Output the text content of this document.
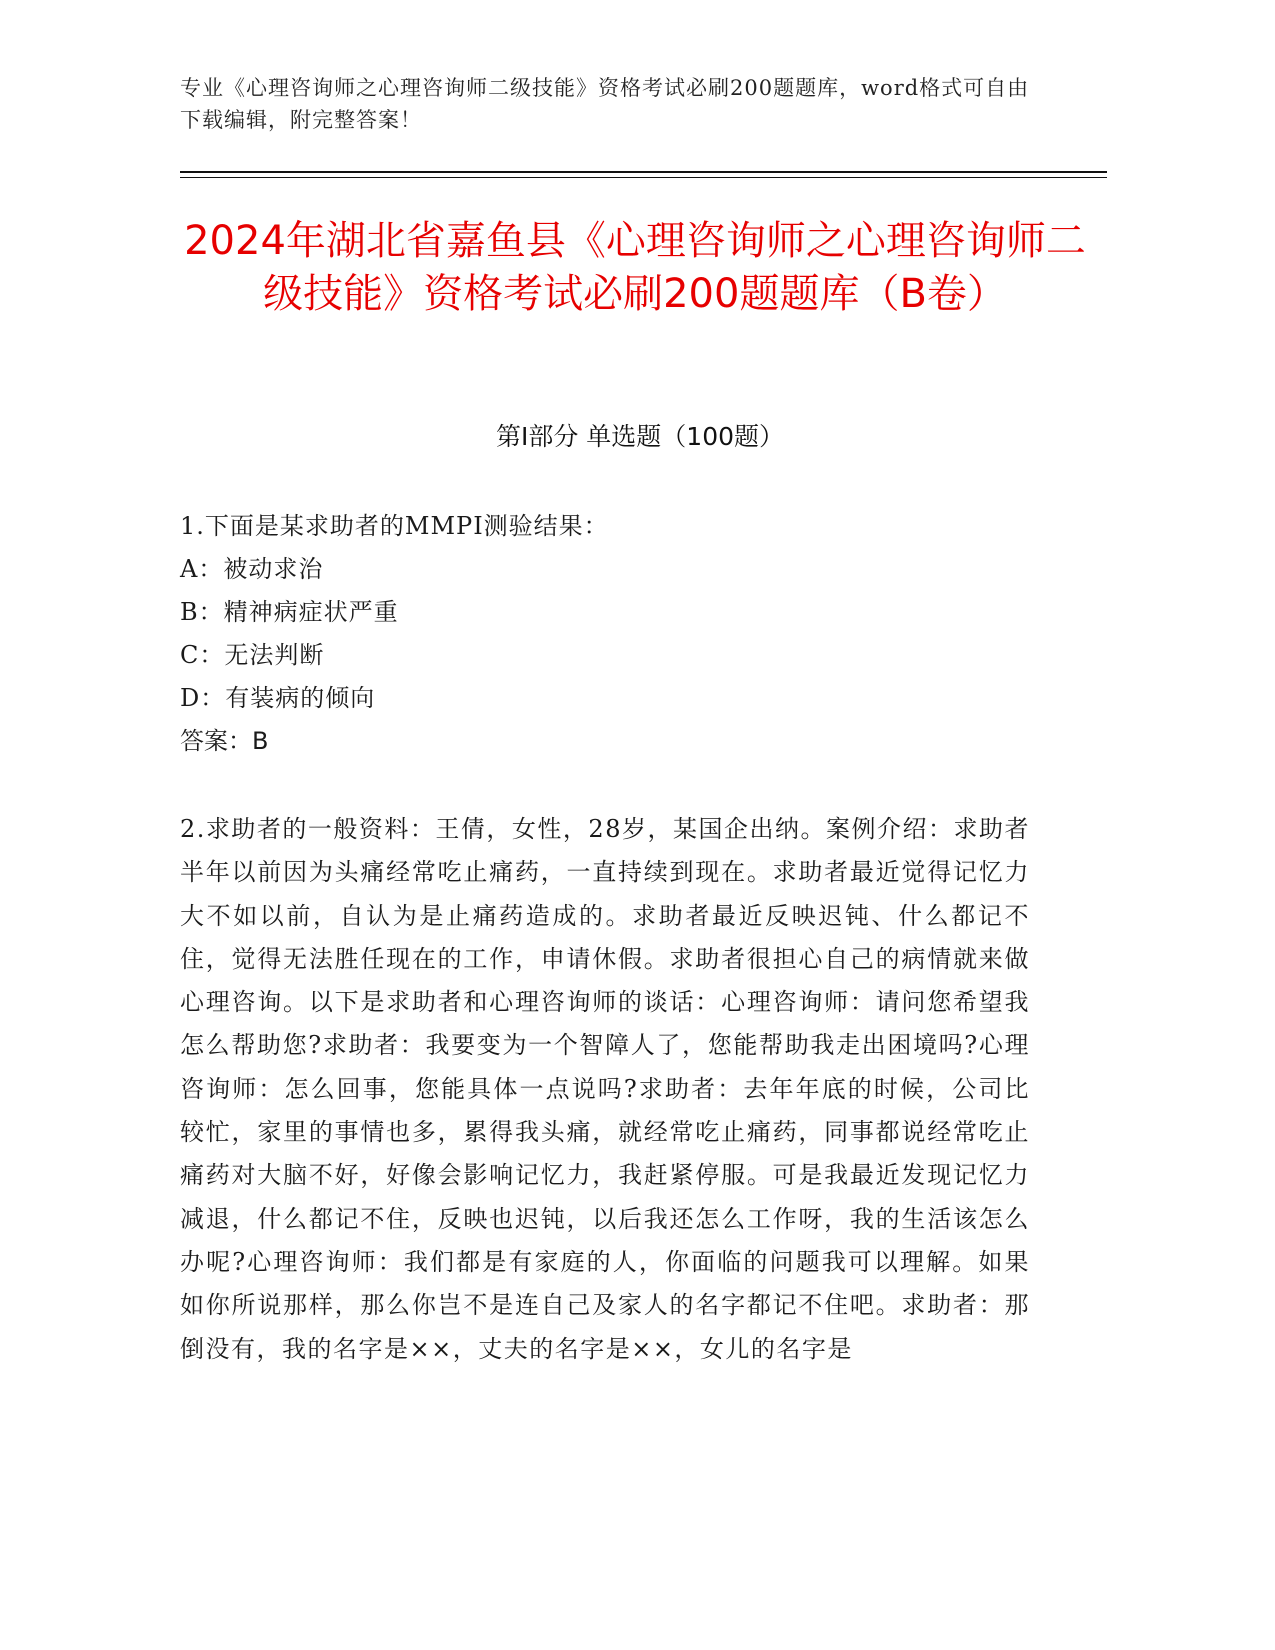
专业《心理咨询师之心理咨询师二级技能》资格考试必刷200题题库，word格式可自由下载编辑，附完整答案！
2024年湖北省嘉鱼县《心理咨询师之心理咨询师二级技能》资格考试必刷200题题库（B卷）
第I部分 单选题（100题）
1.下面是某求助者的MMPI测验结果：
A：被动求治
B：精神病症状严重
C：无法判断
D：有装病的倾向
答案：B
2.求助者的一般资料：王倩，女性，28岁，某国企出纳。案例介绍：求助者半年以前因为头痛经常吃止痛药，一直持续到现在。求助者最近觉得记忆力大不如以前，自认为是止痛药造成的。求助者最近反映迟钝、什么都记不住，觉得无法胜任现在的工作，申请休假。求助者很担心自己的病情就来做心理咨询。以下是求助者和心理咨询师的谈话：心理咨询师：请问您希望我怎么帮助您?求助者：我要变为一个智障人了，您能帮助我走出困境吗?心理咨询师：怎么回事，您能具体一点说吗?求助者：去年年底的时候，公司比较忙，家里的事情也多，累得我头痛，就经常吃止痛药，同事都说经常吃止痛药对大脑不好，好像会影响记忆力，我赶紧停服。可是我最近发现记忆力减退，什么都记不住，反映也迟钝，以后我还怎么工作呀，我的生活该怎么办呢?心理咨询师：我们都是有家庭的人，你面临的问题我可以理解。如果如你所说那样，那么你岂不是连自己及家人的名字都记不住吧。求助者：那倒没有，我的名字是××，丈夫的名字是××，女儿的名字是
